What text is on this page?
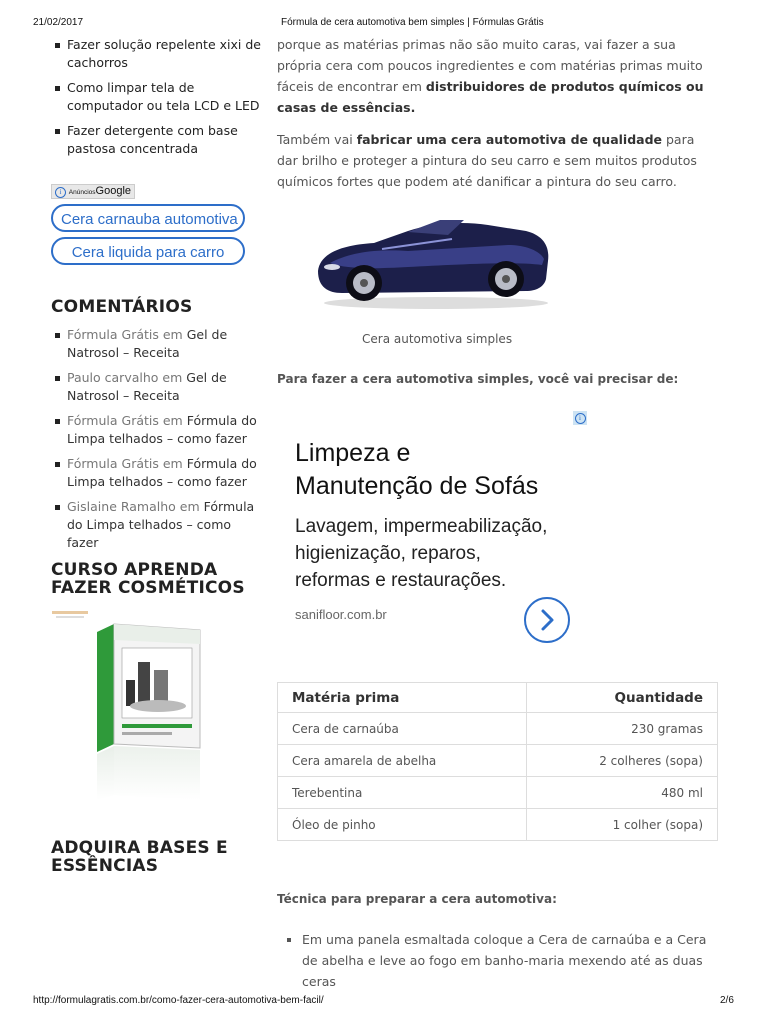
21/02/2017	Fórmula de cera automotiva bem simples | Fórmulas Grátis
Fazer solução repelente xixi de cachorros
Como limpar tela de computador ou tela LCD e LED
Fazer detergente com base pastosa concentrada
i AnúnciosGoogle
Cera carnauba automotiva
Cera liquida para carro
COMENTÁRIOS
Fórmula Grátis em Gel de Natrosol – Receita
Paulo carvalho em Gel de Natrosol – Receita
Fórmula Grátis em Fórmula do Limpa telhados – como fazer
Fórmula Grátis em Fórmula do Limpa telhados – como fazer
Gislaine Ramalho em Fórmula do Limpa telhados – como fazer
CURSO APRENDA FAZER COSMÉTICOS
ADQUIRA BASES E ESSÊNCIAS

porque as matérias primas não são muito caras, vai fazer a sua própria cera com poucos ingredientes e com matérias primas muito fáceis de encontrar em distribuidores de produtos químicos ou casas de essências.

Também vai fabricar uma cera automotiva de qualidade para dar brilho e proteger a pintura do seu carro e sem muitos produtos químicos fortes que podem até danificar a pintura do seu carro.

Cera automotiva simples
Para fazer a cera automotiva simples, você vai precisar de:
i
Limpeza e
Manutenção de Sofás
Lavagem, impermeabilização,
higienização, reparos,
reformas e restaurações.
sanifloor.com.br
Matéria prima	Quantidade
Cera de carnaúba	230 gramas
Cera amarela de abelha	2 colheres (sopa)
Terebentina	480 ml
Óleo de pinho	1 colher (sopa)
Técnica para preparar a cera automotiva:
Em uma panela esmaltada coloque a Cera de carnaúba e a Cera de abelha e leve ao fogo em banho-maria mexendo até as duas ceras
http://formulagratis.com.br/como-fazer-cera-automotiva-bem-facil/	2/6
